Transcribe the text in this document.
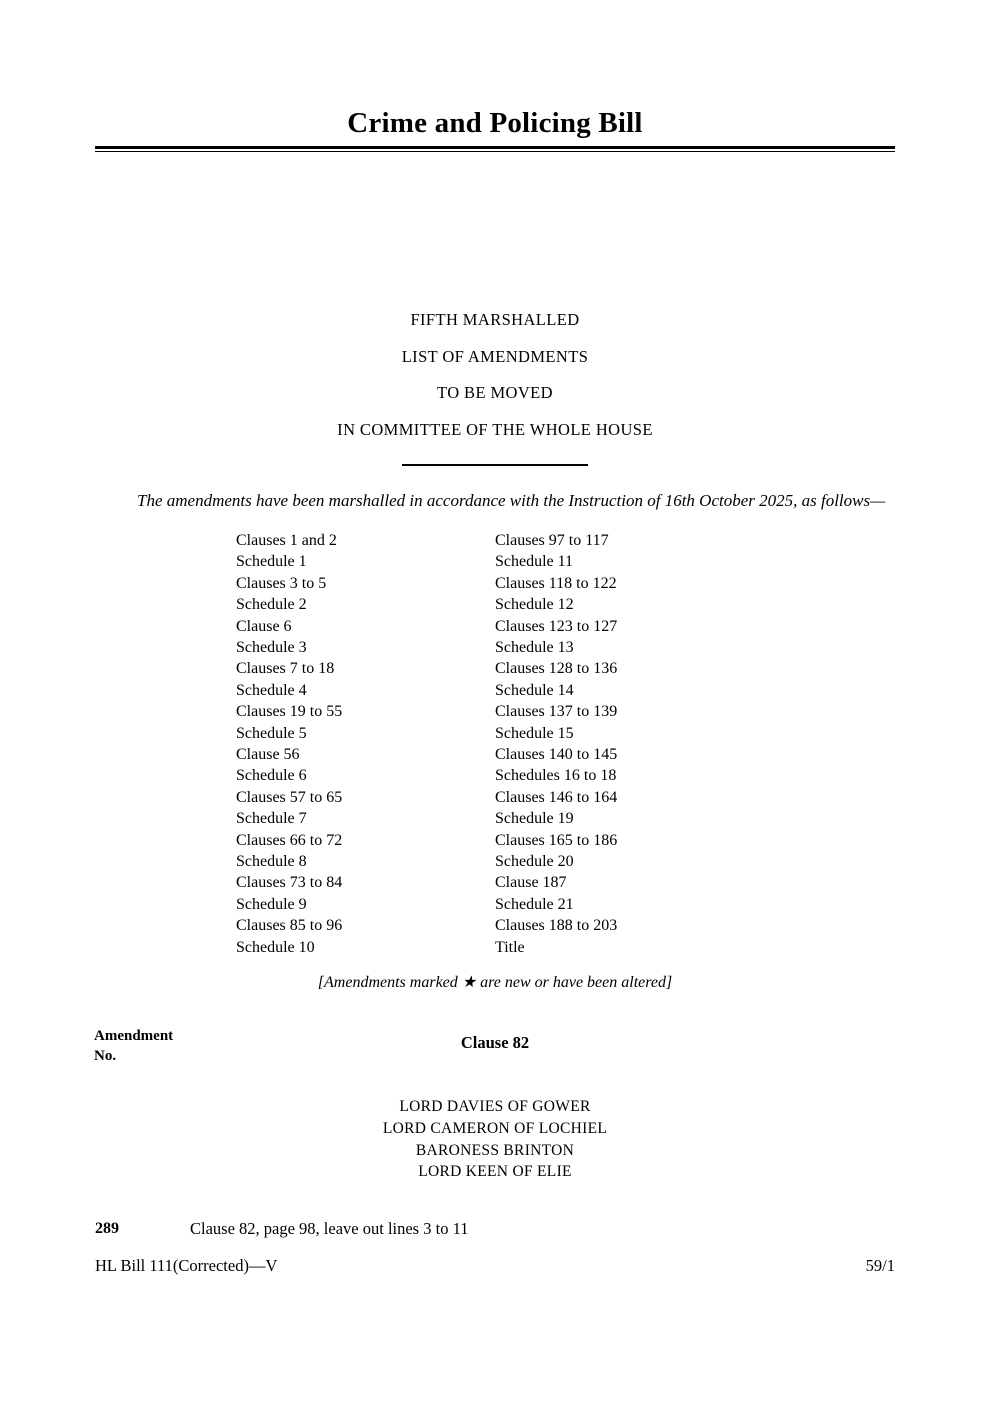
Crime and Policing Bill
FIFTH MARSHALLED
LIST OF AMENDMENTS
TO BE MOVED
IN COMMITTEE OF THE WHOLE HOUSE

The amendments have been marshalled in accordance with the Instruction of 16th October 2025, as follows—

Clauses 1 and 2
Schedule 1
Clauses 3 to 5
Schedule 2
Clause 6
Schedule 3
Clauses 7 to 18
Schedule 4
Clauses 19 to 55
Schedule 5
Clause 56
Schedule 6
Clauses 57 to 65
Schedule 7
Clauses 66 to 72
Schedule 8
Clauses 73 to 84
Schedule 9
Clauses 85 to 96
Schedule 10
Clauses 97 to 117
Schedule 11
Clauses 118 to 122
Schedule 12
Clauses 123 to 127
Schedule 13
Clauses 128 to 136
Schedule 14
Clauses 137 to 139
Schedule 15
Clauses 140 to 145
Schedules 16 to 18
Clauses 146 to 164
Schedule 19
Clauses 165 to 186
Schedule 20
Clause 187
Schedule 21
Clauses 188 to 203
Title
[Amendments marked ★ are new or have been altered]
Amendment
No.
Clause 82
LORD DAVIES OF GOWER
LORD CAMERON OF LOCHIEL
BARONESS BRINTON
LORD KEEN OF ELIE
289	Clause 82, page 98, leave out lines 3 to 11
HL Bill 111(Corrected)—V	59/1
